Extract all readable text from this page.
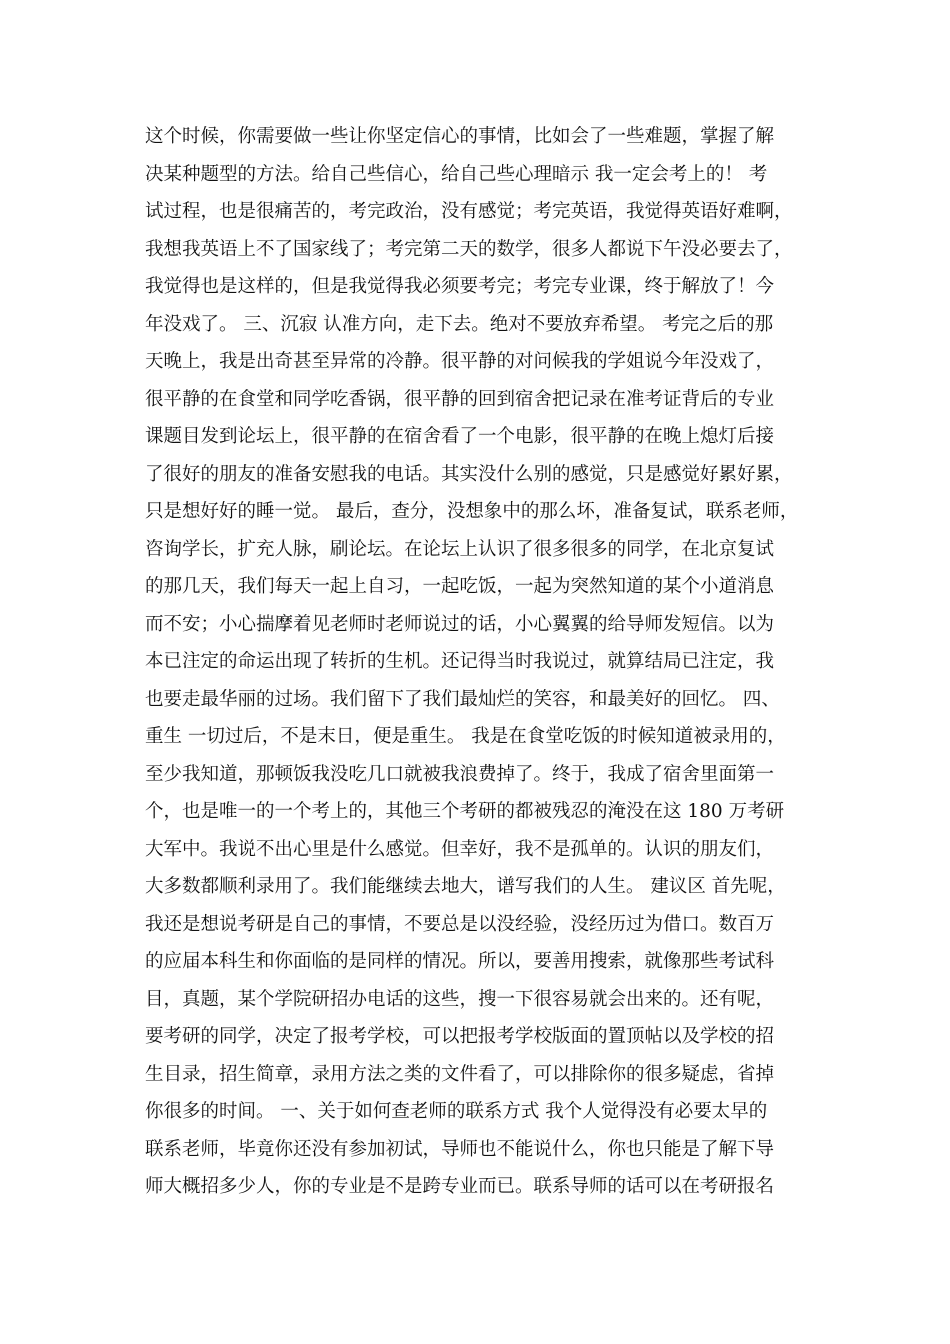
这个时候，你需要做一些让你坚定信心的事情，比如会了一些难题，掌握了解
决某种题型的方法。给自己些信心，给自己些心理暗示 我一定会考上的！ 考
试过程，也是很痛苦的，考完政治，没有感觉；考完英语，我觉得英语好难啊，
我想我英语上不了国家线了；考完第二天的数学，很多人都说下午没必要去了，
我觉得也是这样的，但是我觉得我必须要考完；考完专业课，终于解放了！今
年没戏了。 三、沉寂 认准方向，走下去。绝对不要放弃希望。 考完之后的那
天晚上，我是出奇甚至异常的冷静。很平静的对问候我的学姐说今年没戏了，
很平静的在食堂和同学吃香锅，很平静的回到宿舍把记录在准考证背后的专业
课题目发到论坛上，很平静的在宿舍看了一个电影，很平静的在晚上熄灯后接
了很好的朋友的准备安慰我的电话。其实没什么别的感觉，只是感觉好累好累，
只是想好好的睡一觉。 最后，查分，没想象中的那么坏，准备复试，联系老师，
咨询学长，扩充人脉，刷论坛。在论坛上认识了很多很多的同学，在北京复试
的那几天，我们每天一起上自习，一起吃饭，一起为突然知道的某个小道消息
而不安；小心揣摩着见老师时老师说过的话，小心翼翼的给导师发短信。以为
本已注定的命运出现了转折的生机。还记得当时我说过，就算结局已注定，我
也要走最华丽的过场。我们留下了我们最灿烂的笑容，和最美好的回忆。 四、
重生 一切过后，不是末日，便是重生。 我是在食堂吃饭的时候知道被录用的，
至少我知道，那顿饭我没吃几口就被我浪费掉了。终于，我成了宿舍里面第一
个，也是唯一的一个考上的，其他三个考研的都被残忍的淹没在这 180 万考研
大军中。我说不出心里是什么感觉。但幸好，我不是孤单的。认识的朋友们，
大多数都顺利录用了。我们能继续去地大，谱写我们的人生。 建议区 首先呢，
我还是想说考研是自己的事情，不要总是以没经验，没经历过为借口。数百万
的应届本科生和你面临的是同样的情况。所以，要善用搜索，就像那些考试科
目，真题，某个学院研招办电话的这些，搜一下很容易就会出来的。还有呢，
要考研的同学，决定了报考学校，可以把报考学校版面的置顶帖以及学校的招
生目录，招生简章，录用方法之类的文件看了，可以排除你的很多疑虑，省掉
你很多的时间。 一、关于如何查老师的联系方式 我个人觉得没有必要太早的
联系老师，毕竟你还没有参加初试，导师也不能说什么，你也只能是了解下导
师大概招多少人，你的专业是不是跨专业而已。联系导师的话可以在考研报名
